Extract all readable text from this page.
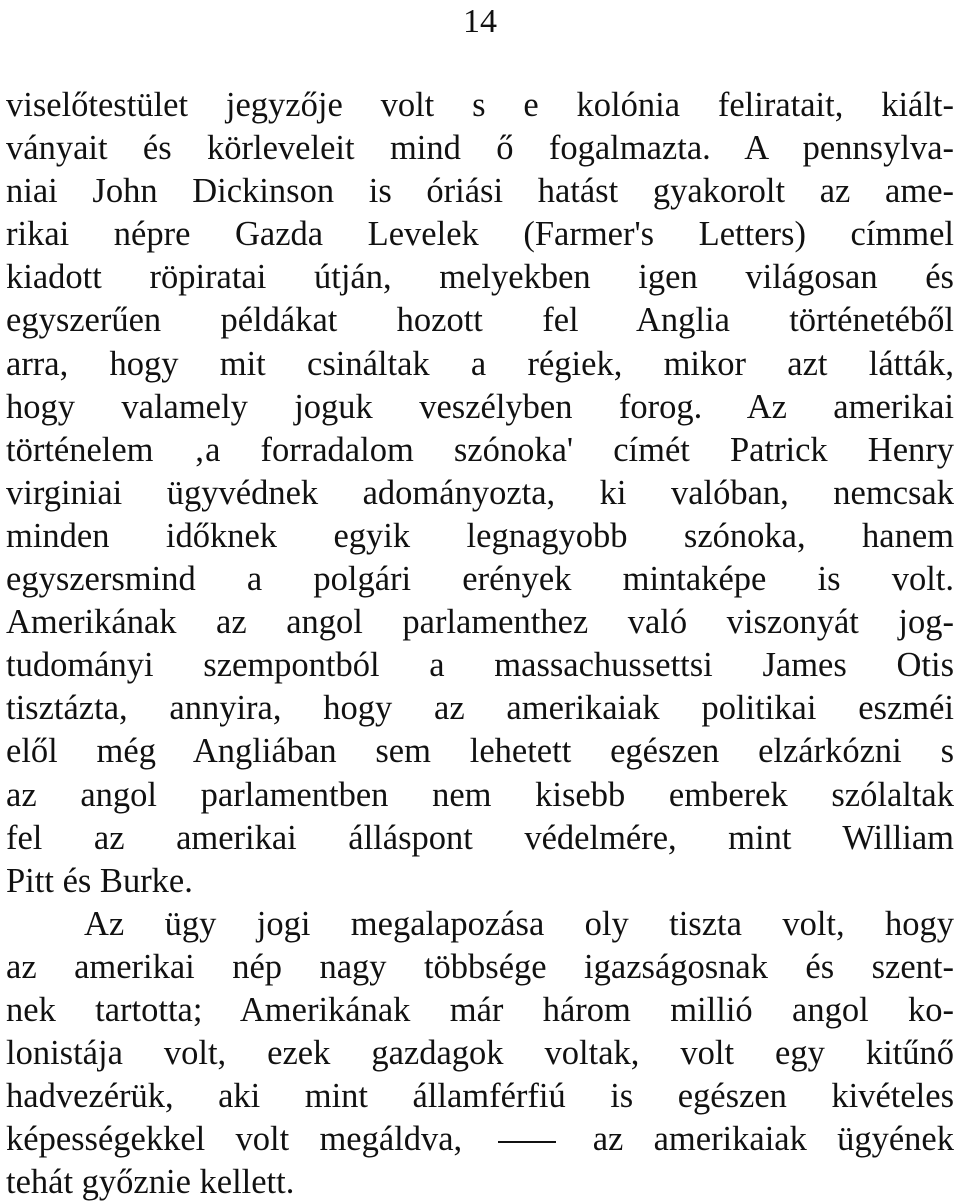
14
viselőtestület jegyzője volt s e kolónia feliratait, kiált-
ványait és körleveleit mind ő fogalmazta. A pennsylva-
niai John Dickinson is óriási hatást gyakorolt az ame-
rikai népre Gazda Levelek (Farmer's Letters) címmel
kiadott röpiratai útján, melyekben igen világosan és
egyszerűen példákat hozott fel Anglia történetéből
arra, hogy mit csináltak a régiek, mikor azt látták,
hogy valamely joguk veszélyben forog. Az amerikai
történelem ‚a forradalom szónoka' címét Patrick Henry
virginiai ügyvédnek adományozta, ki valóban, nemcsak
minden időknek egyik legnagyobb szónoka, hanem
egyszersmind a polgári erények mintaképe is volt.
Amerikának az angol parlamenthez való viszonyát jog-
tudományi szempontból a massachussettsi James Otis
tisztázta, annyira, hogy az amerikaiak politikai eszméi
elől még Angliában sem lehetett egészen elzárkózni s
az angol parlamentben nem kisebb emberek szólaltak
fel az amerikai álláspont védelmére, mint William
Pitt és Burke.
Az ügy jogi megalapozása oly tiszta volt, hogy
az amerikai nép nagy többsége igazságosnak és szent-
nek tartotta; Amerikának már három millió angol ko-
lonistája volt, ezek gazdagok voltak, volt egy kitűnő
hadvezérük, aki mint államférfiú is egészen kivételes
képességekkel volt megáldva,	az amerikaiak ügyének
tehát győznie kellett.
